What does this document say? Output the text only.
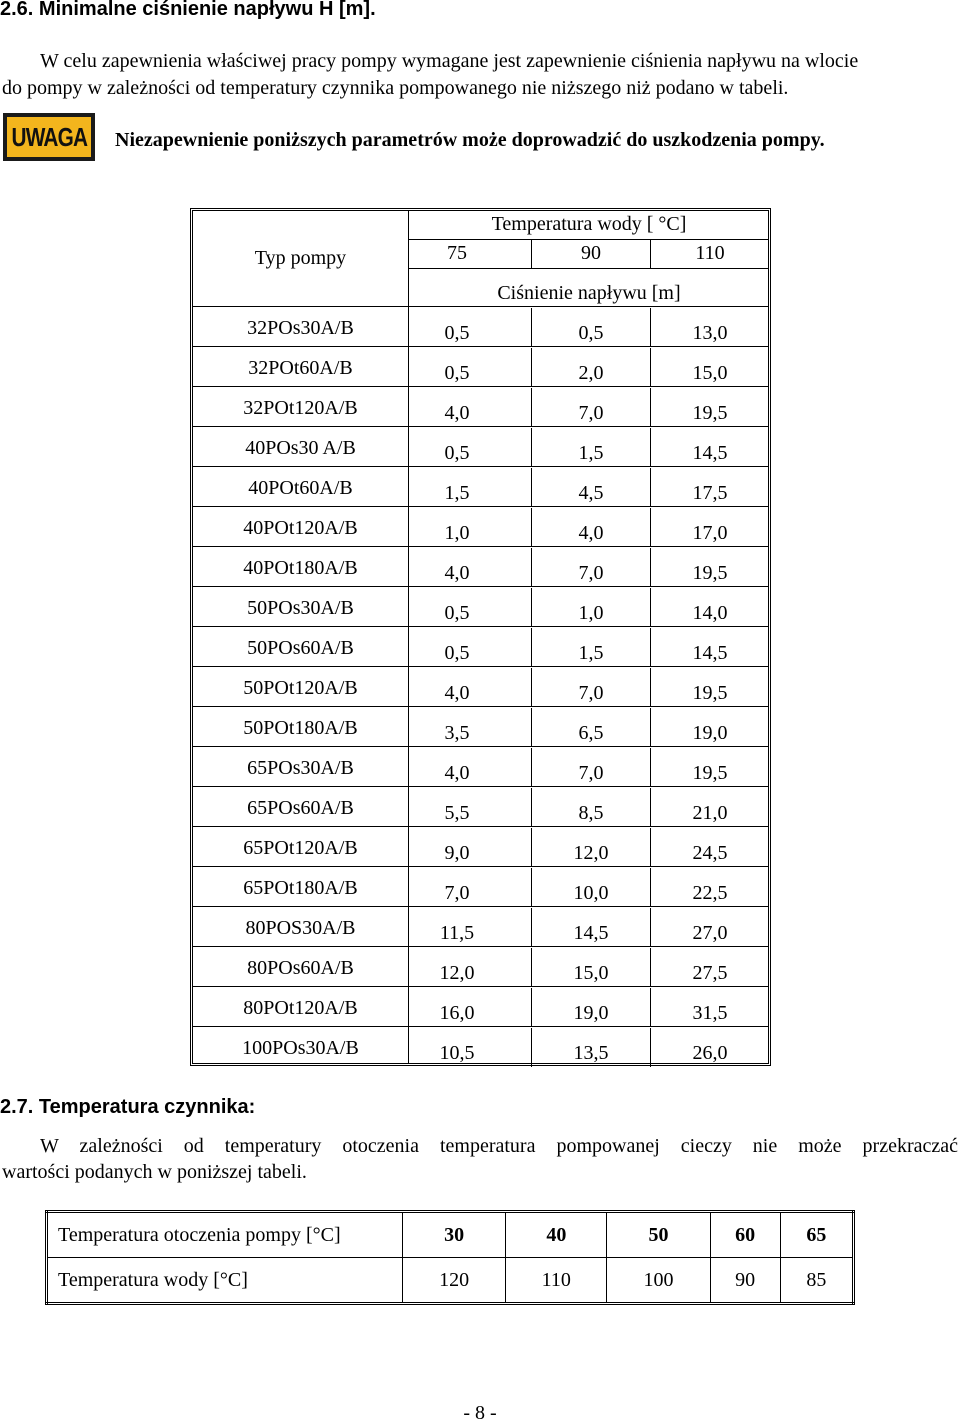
2.6. Minimalne ciśnienie napływu H [m].
W celu zapewnienia właściwej pracy pompy wymagane jest zapewnienie ciśnienia napływu na wlocie
do pompy w zależności od temperatury czynnika pompowanego nie niższego niż podano w tabeli.
UWAGA Niezapewnienie poniższych parametrów może doprowadzić do uszkodzenia pompy.
Typ pompy
Temperatura wody [ °C]
75	90	110
Ciśnienie napływu [m]
32POs30A/B	0,5	0,5	13,0
32POt60A/B	0,5	2,0	15,0
32POt120A/B	4,0	7,0	19,5
40POs30 A/B	0,5	1,5	14,5
40POt60A/B	1,5	4,5	17,5
40POt120A/B	1,0	4,0	17,0
40POt180A/B	4,0	7,0	19,5
50POs30A/B	0,5	1,0	14,0
50POs60A/B	0,5	1,5	14,5
50POt120A/B	4,0	7,0	19,5
50POt180A/B	3,5	6,5	19,0
65POs30A/B	4,0	7,0	19,5
65POs60A/B	5,5	8,5	21,0
65POt120A/B	9,0	12,0	24,5
65POt180A/B	7,0	10,0	22,5
80POS30A/B	11,5	14,5	27,0
80POs60A/B	12,0	15,0	27,5
80POt120A/B	16,0	19,0	31,5
100POs30A/B	10,5	13,5	26,0
2.7. Temperatura czynnika:
W zależności od temperatury otoczenia temperatura pompowanej cieczy nie może przekraczać
wartości podanych w poniższej tabeli.
Temperatura otoczenia pompy [°C]	30	40	50	60	65
Temperatura wody [°C]	120	110	100	90	85
- 8 -
